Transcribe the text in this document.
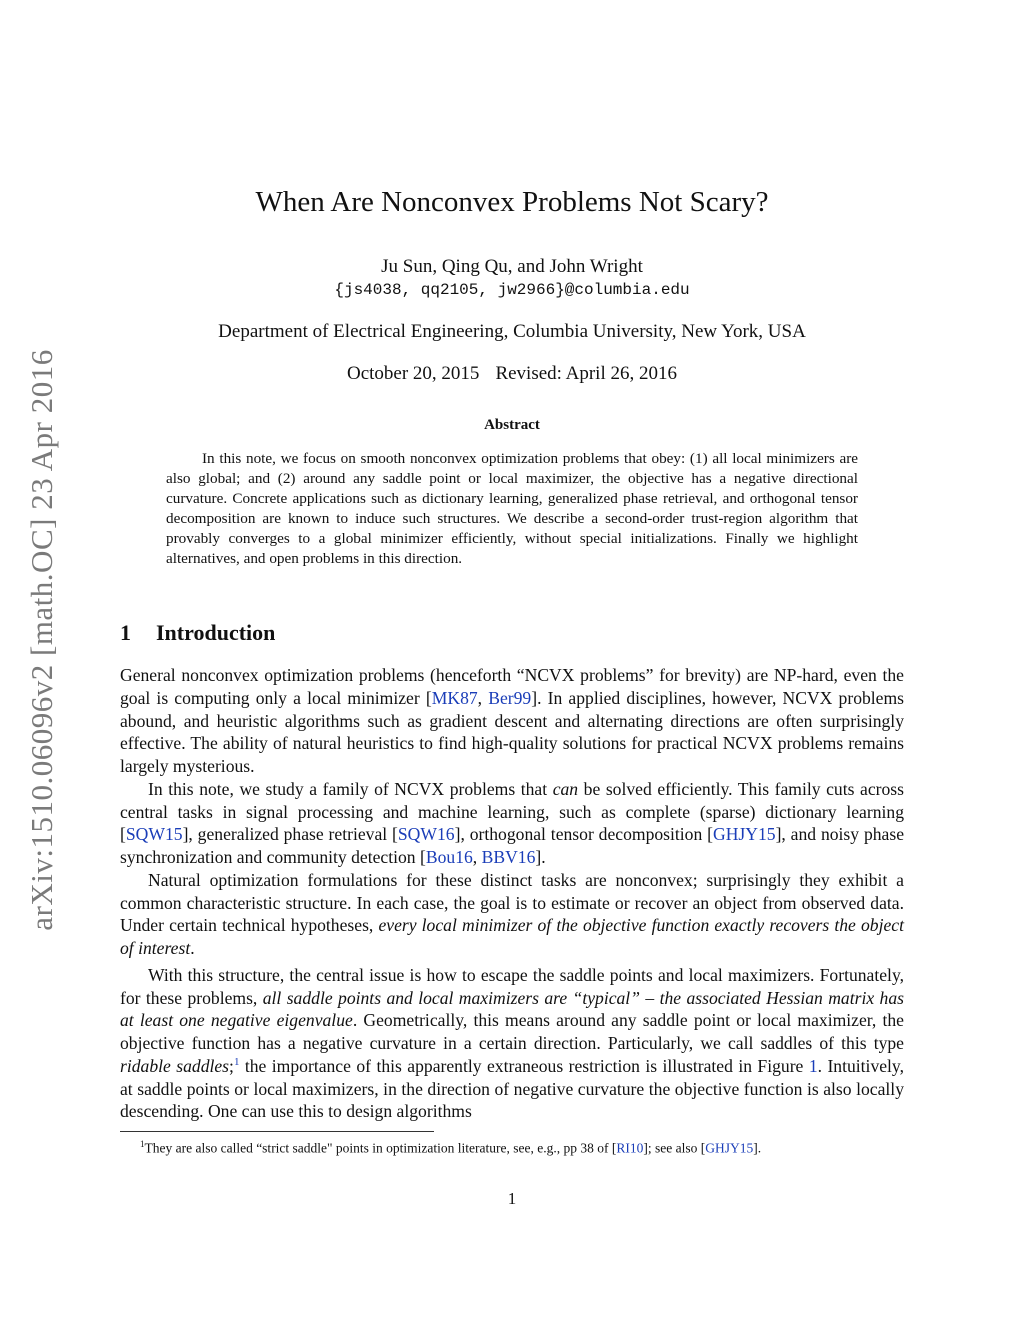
arXiv:1510.06096v2 [math.OC] 23 Apr 2016
When Are Nonconvex Problems Not Scary?
Ju Sun, Qing Qu, and John Wright
{js4038, qq2105, jw2966}@columbia.edu
Department of Electrical Engineering, Columbia University, New York, USA
October 20, 2015 Revised: April 26, 2016
Abstract

In this note, we focus on smooth nonconvex optimization problems that obey: (1) all local minimizers are also global; and (2) around any saddle point or local maximizer, the objective has a negative directional curvature. Concrete applications such as dictionary learning, generalized phase retrieval, and orthogonal tensor decomposition are known to induce such structures. We describe a second-order trust-region algorithm that provably converges to a global minimizer efficiently, without special initializations. Finally we highlight alternatives, and open problems in this direction.

1 Introduction

General nonconvex optimization problems (henceforth “NCVX problems” for brevity) are NP-hard, even the goal is computing only a local minimizer [MK87, Ber99]. In applied disciplines, however, NCVX problems abound, and heuristic algorithms such as gradient descent and alternating directions are often surprisingly effective. The ability of natural heuristics to find high-quality solutions for practical NCVX problems remains largely mysterious.

In this note, we study a family of NCVX problems that can be solved efficiently. This family cuts across central tasks in signal processing and machine learning, such as complete (sparse) dictionary learning [SQW15], generalized phase retrieval [SQW16], orthogonal tensor decomposition [GHJY15], and noisy phase synchronization and community detection [Bou16, BBV16].

Natural optimization formulations for these distinct tasks are nonconvex; surprisingly they exhibit a common characteristic structure. In each case, the goal is to estimate or recover an object from observed data. Under certain technical hypotheses, every local minimizer of the objective function exactly recovers the object of interest.

With this structure, the central issue is how to escape the saddle points and local maximizers. Fortunately, for these problems, all saddle points and local maximizers are “typical” – the associated Hessian matrix has at least one negative eigenvalue. Geometrically, this means around any saddle point or local maximizer, the objective function has a negative curvature in a certain direction. Particularly, we call saddles of this type ridable saddles;$^1$ the importance of this apparently extraneous restriction is illustrated in Figure 1. Intuitively, at saddle points or local maximizers, in the direction of negative curvature the objective function is also locally descending. One can use this to design algorithms

$^1$They are also called “strict saddle" points in optimization literature, see, e.g., pp 38 of [RI10]; see also [GHJY15].

1
